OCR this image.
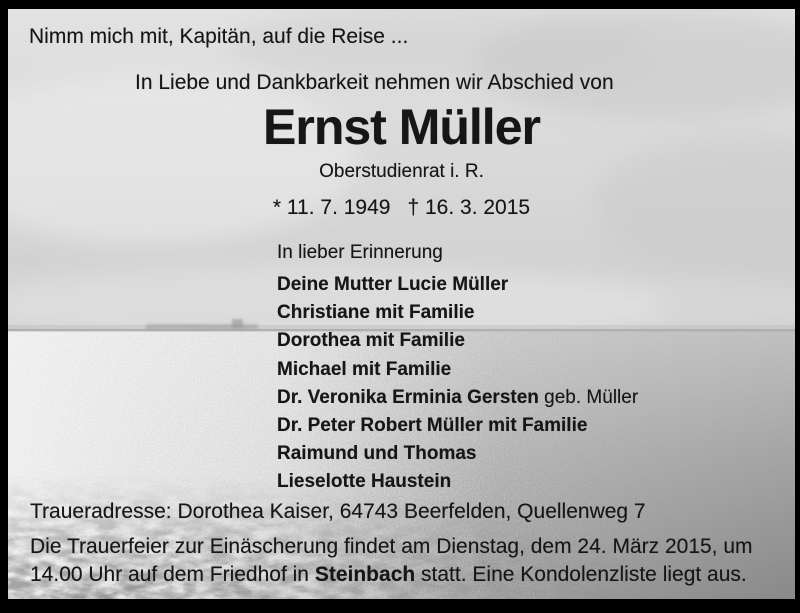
Nimm mich mit, Kapitän, auf die Reise ...
In Liebe und Dankbarkeit nehmen wir Abschied von
Ernst Müller
Oberstudienrat i. R.
* 11. 7. 1949 † 16. 3. 2015
In lieber Erinnerung
Deine Mutter Lucie Müller
Christiane mit Familie
Dorothea mit Familie
Michael mit Familie
Dr. Veronika Erminia Gersten geb. Müller
Dr. Peter Robert Müller mit Familie
Raimund und Thomas
Lieselotte Haustein
Traueradresse: Dorothea Kaiser, 64743 Beerfelden, Quellenweg 7
Die Trauerfeier zur Einäscherung findet am Dienstag, dem 24. März 2015, um
14.00 Uhr auf dem Friedhof in Steinbach statt. Eine Kondolenzliste liegt aus.
